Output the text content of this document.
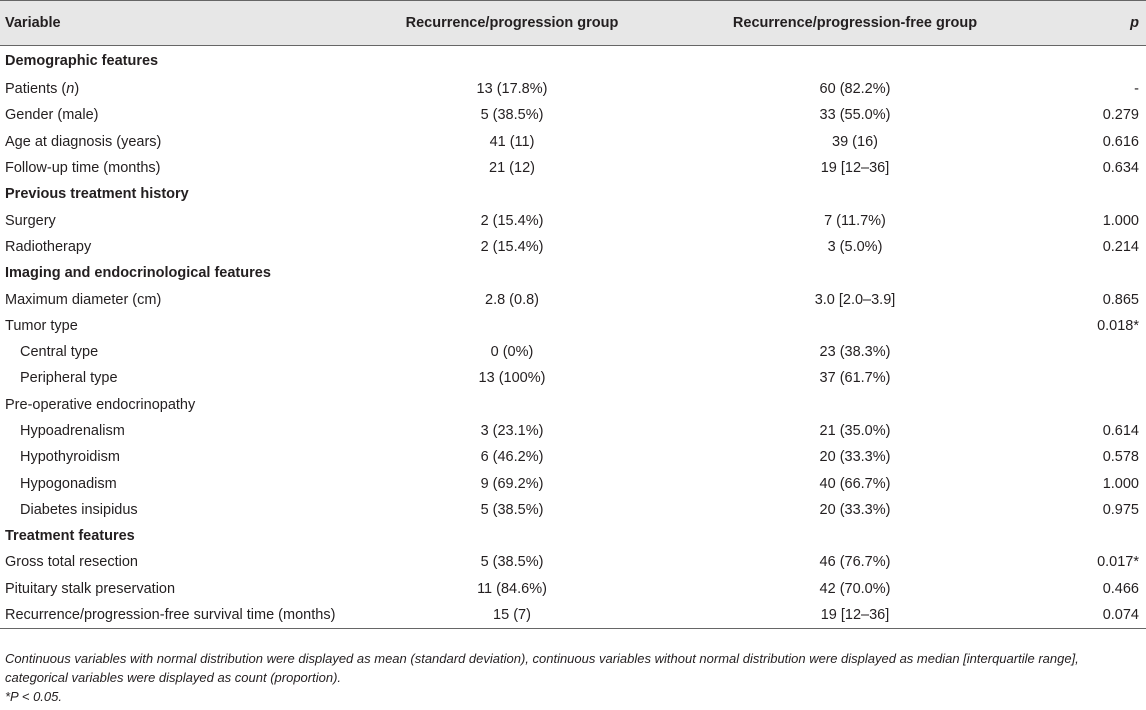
Variable	Recurrence/progression group	Recurrence/progression-free group	p
Demographic features			
Patients (n)	13 (17.8%)	60 (82.2%)	-
Gender (male)	5 (38.5%)	33 (55.0%)	0.279
Age at diagnosis (years)	41 (11)	39 (16)	0.616
Follow-up time (months)	21 (12)	19 [12–36]	0.634
Previous treatment history			
Surgery	2 (15.4%)	7 (11.7%)	1.000
Radiotherapy	2 (15.4%)	3 (5.0%)	0.214
Imaging and endocrinological features			
Maximum diameter (cm)	2.8 (0.8)	3.0 [2.0–3.9]	0.865
Tumor type			0.018*
Central type	0 (0%)	23 (38.3%)	
Peripheral type	13 (100%)	37 (61.7%)	
Pre-operative endocrinopathy			
Hypoadrenalism	3 (23.1%)	21 (35.0%)	0.614
Hypothyroidism	6 (46.2%)	20 (33.3%)	0.578
Hypogonadism	9 (69.2%)	40 (66.7%)	1.000
Diabetes insipidus	5 (38.5%)	20 (33.3%)	0.975
Treatment features			
Gross total resection	5 (38.5%)	46 (76.7%)	0.017*
Pituitary stalk preservation	11 (84.6%)	42 (70.0%)	0.466
Recurrence/progression-free survival time (months)	15 (7)	19 [12–36]	0.074

Continuous variables with normal distribution were displayed as mean (standard deviation), continuous variables without normal distribution were displayed as median [interquartile range], categorical variables were displayed as count (proportion).

*P < 0.05.
